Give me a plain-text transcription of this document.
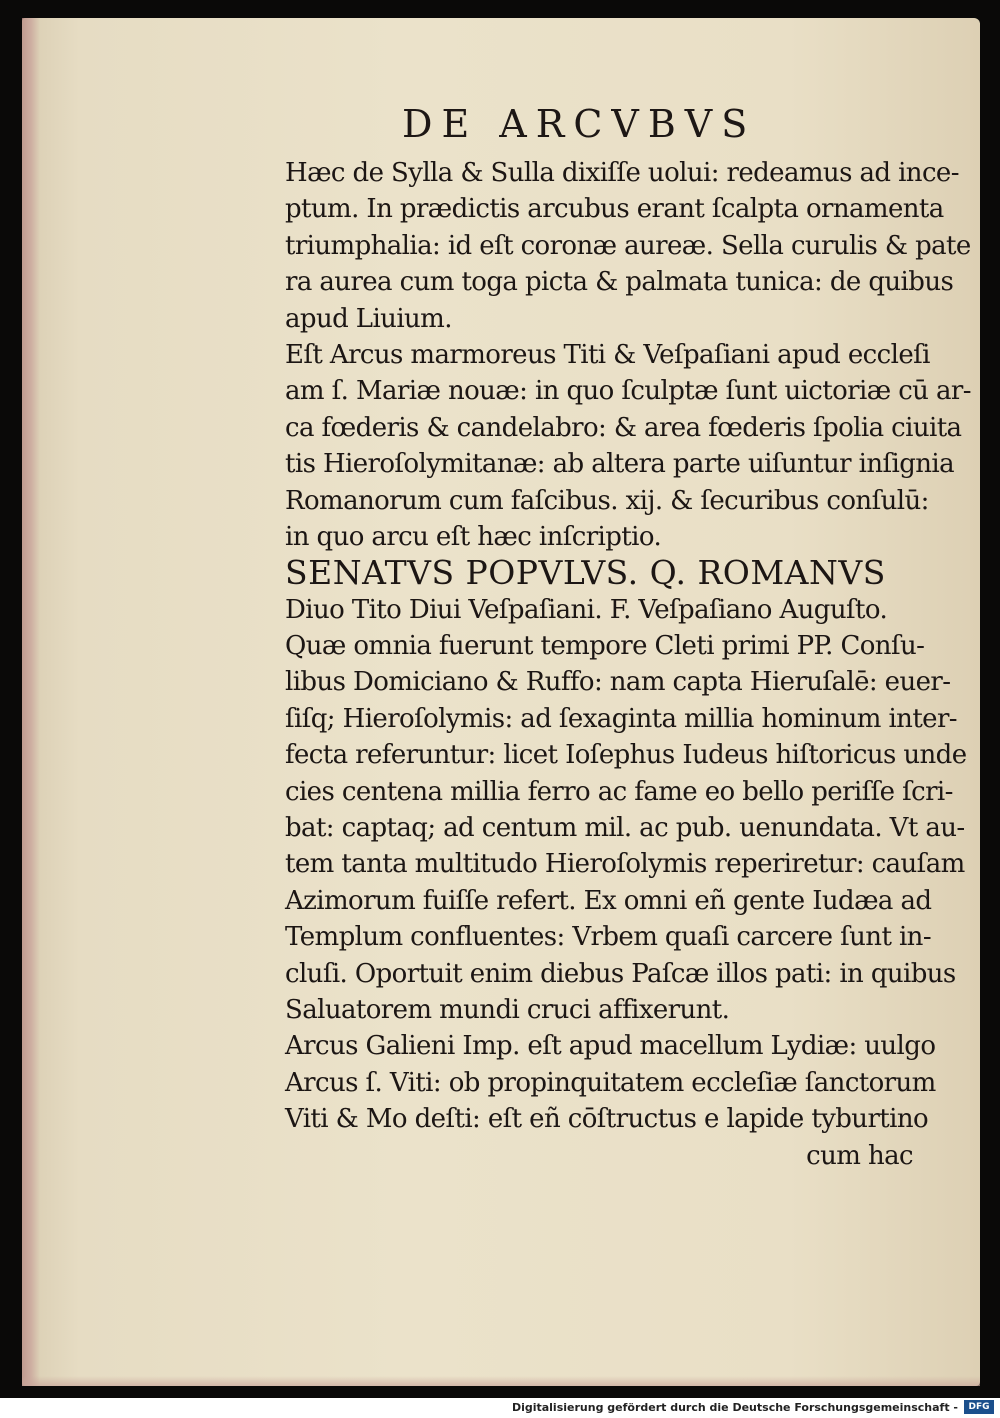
DE ARCVBVS
Hæc de Sylla & Sulla dixiſſe uolui: redeamus ad ince-
ptum. In prædictis arcubus erant ſcalpta ornamenta
triumphalia: id eſt coronæ aureæ. Sella curulis & pate
ra aurea cum toga picta & palmata tunica: de quibus
apud Liuium.
Eſt Arcus marmoreus Titi & Veſpaſiani apud eccleſi
am ſ. Mariæ nouæ: in quo ſculptæ ſunt uictoriæ cū ar-
ca fœderis & candelabro: & area fœderis ſpolia ciuita
tis Hieroſolymitanæ: ab altera parte uiſuntur inſignia
Romanorum cum faſcibus. xij. & ſecuribus conſulū:
in quo arcu eſt hæc inſcriptio.
SENATVS POPVLVS. Q. ROMANVS
Diuo Tito Diui Veſpaſiani. F. Veſpaſiano Auguſto.
Quæ omnia fuerunt tempore Cleti primi PP. Conſu-
libus Domiciano & Ruffo: nam capta Hieruſalē: euer-
ſiſq; Hieroſolymis: ad ſexaginta millia hominum inter-
fecta referuntur: licet Ioſephus Iudeus hiſtoricus unde
cies centena millia ferro ac fame eo bello periſſe ſcri-
bat: captaq; ad centum mil. ac pub. uenundata. Vt au-
tem tanta multitudo Hieroſolymis reperiretur: cauſam
Azimorum fuiſſe refert. Ex omni eñ gente Iudæa ad
Templum confluentes: Vrbem quaſi carcere ſunt in-
cluſi. Oportuit enim diebus Paſcæ illos pati: in quibus
Saluatorem mundi cruci affixerunt.
Arcus Galieni Imp. eſt apud macellum Lydiæ: uulgo
Arcus ſ. Viti: ob propinquitatem eccleſiæ ſanctorum
Viti & Mo deſti: eſt eñ cōſtructus e lapide tyburtino
cum hac
Digitalisierung gefördert durch die Deutsche Forschungsgemeinschaft -	DFG
